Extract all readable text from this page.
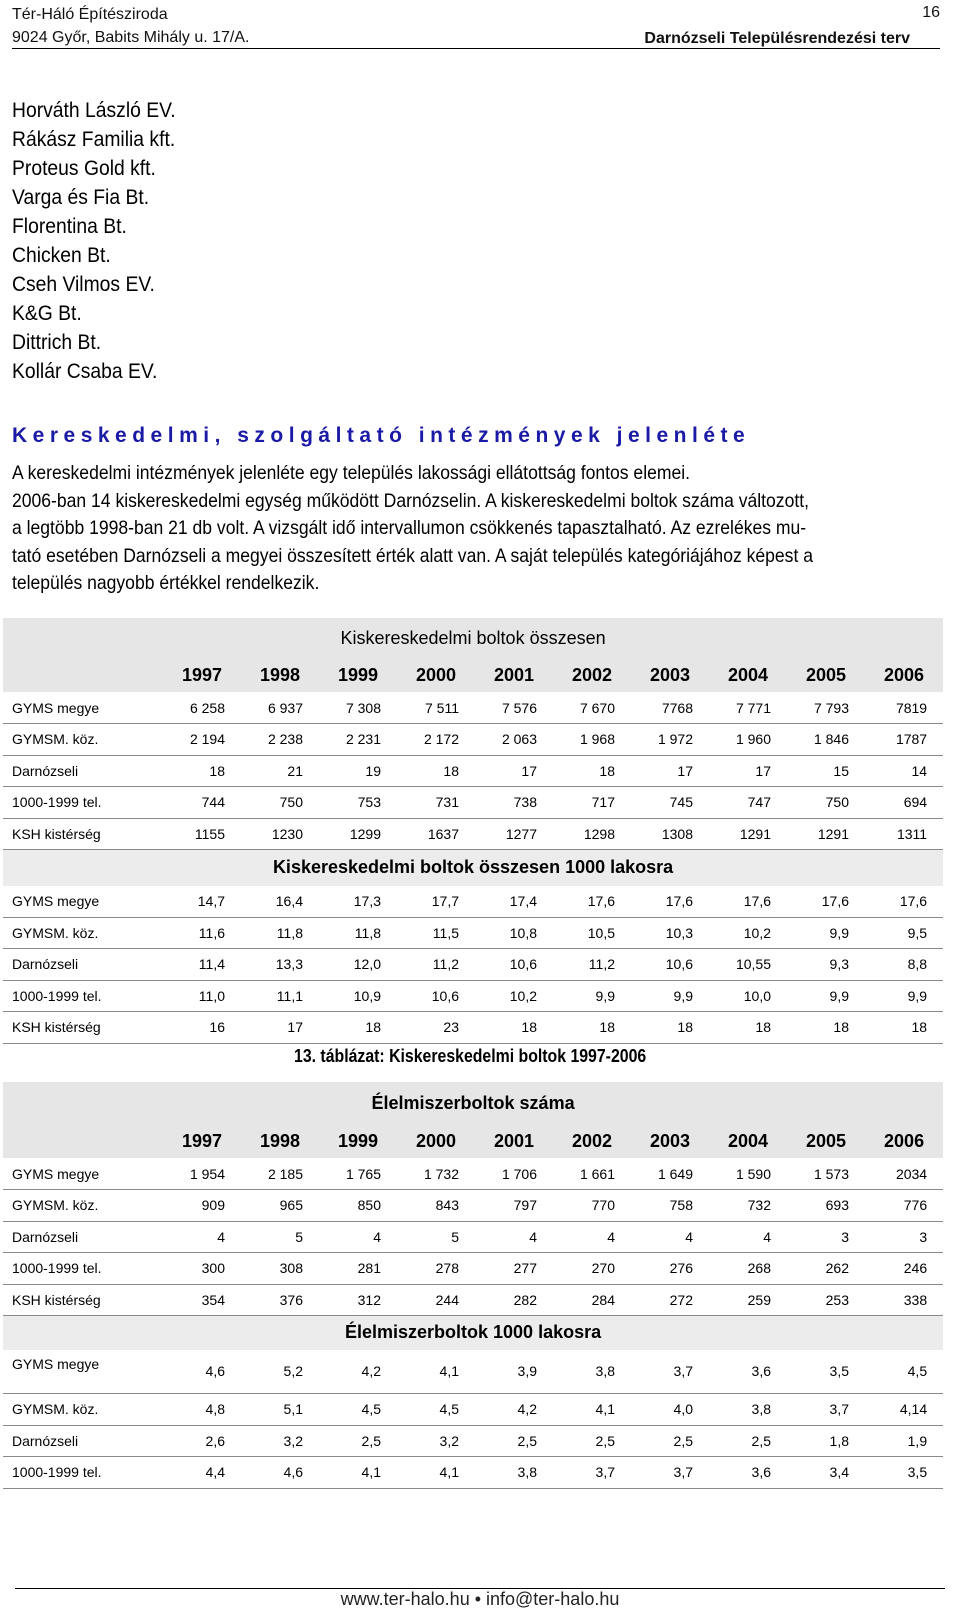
Tér-Háló Építésziroda
9024 Győr, Babits Mihály u. 17/A.	Darnózseli Településrendezési terv
16
Horváth László EV.
Rákász Familia kft.
Proteus Gold kft.
Varga és Fia Bt.
Florentina Bt.
Chicken Bt.
Cseh Vilmos EV.
K&G Bt.
Dittrich Bt.
Kollár Csaba EV.
Kereskedelmi, szolgáltató intézmények jelenléte
A kereskedelmi intézmények jelenléte egy település lakossági ellátottság fontos elemei.
2006-ban 14 kiskereskedelmi egység működött Darnózselin. A kiskereskedelmi boltok száma változott,
a legtöbb 1998-ban 21 db volt. A vizsgált idő intervallumon csökkenés tapasztalható. Az ezrelékes mu-
tató esetében Darnózseli a megyei összesített érték alatt van. A saját település kategóriájához képest a
település nagyobb értékkel rendelkezik.
Kiskereskedelmi boltok összesen										
	1997	1998	1999	2000	2001	2002	2003	2004	2005	2006
GYMS megye	6 258	6 937	7 308	7 511	7 576	7 670	7768	7 771	7 793	7819
GYMSM. köz.	2 194	2 238	2 231	2 172	2 063	1 968	1 972	1 960	1 846	1787
Darnózseli	18	21	19	18	17	18	17	17	15	14
1000-1999 tel.	744	750	753	731	738	717	745	747	750	694
KSH kistérség	1155	1230	1299	1637	1277	1298	1308	1291	1291	1311
Kiskereskedelmi boltok összesen 1000 lakosra										
GYMS megye	14,7	16,4	17,3	17,7	17,4	17,6	17,6	17,6	17,6	17,6
GYMSM. köz.	11,6	11,8	11,8	11,5	10,8	10,5	10,3	10,2	9,9	9,5
Darnózseli	11,4	13,3	12,0	11,2	10,6	11,2	10,6	10,55	9,3	8,8
1000-1999 tel.	11,0	11,1	10,9	10,6	10,2	9,9	9,9	10,0	9,9	9,9
KSH kistérség	16	17	18	23	18	18	18	18	18	18
13. táblázat: Kiskereskedelmi boltok 1997-2006
Élelmiszerboltok száma										
	1997	1998	1999	2000	2001	2002	2003	2004	2005	2006
GYMS megye	1 954	2 185	1 765	1 732	1 706	1 661	1 649	1 590	1 573	2034
GYMSM. köz.	909	965	850	843	797	770	758	732	693	776
Darnózseli	4	5	4	5	4	4	4	4	3	3
1000-1999 tel.	300	308	281	278	277	270	276	268	262	246
KSH kistérség	354	376	312	244	282	284	272	259	253	338
Élelmiszerboltok 1000 lakosra										
GYMS megye	4,6	5,2	4,2	4,1	3,9	3,8	3,7	3,6	3,5	4,5
GYMSM. köz.	4,8	5,1	4,5	4,5	4,2	4,1	4,0	3,8	3,7	4,14
Darnózseli	2,6	3,2	2,5	3,2	2,5	2,5	2,5	2,5	1,8	1,9
1000-1999 tel.	4,4	4,6	4,1	4,1	3,8	3,7	3,7	3,6	3,4	3,5
www.ter-halo.hu • info@ter-halo.hu
